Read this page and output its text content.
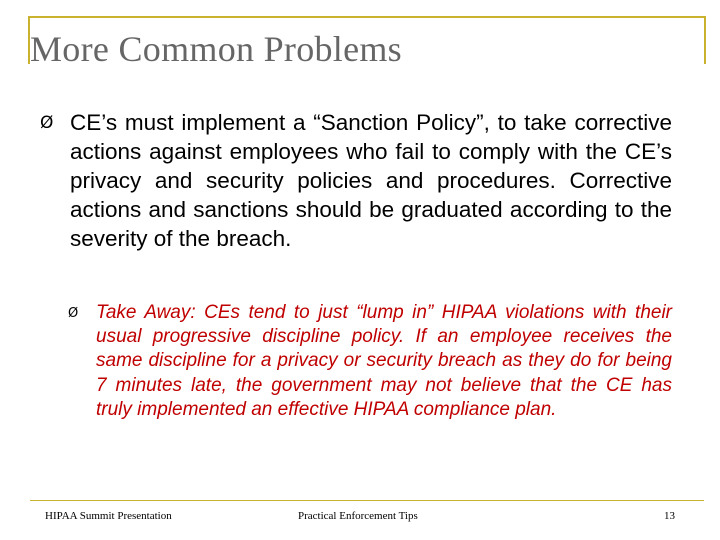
More Common Problems
Ø CE’s must implement a “Sanction Policy”, to take corrective actions against employees who fail to comply with the CE’s privacy and security policies and procedures. Corrective actions and sanctions should be graduated according to the severity of the breach.
Ø Take Away: CEs tend to just “lump in” HIPAA violations with their usual progressive discipline policy. If an employee receives the same discipline for a privacy or security breach as they do for being 7 minutes late, the government may not believe that the CE has truly implemented an effective HIPAA compliance plan.
HIPAA Summit Presentation	Practical Enforcement Tips	13
